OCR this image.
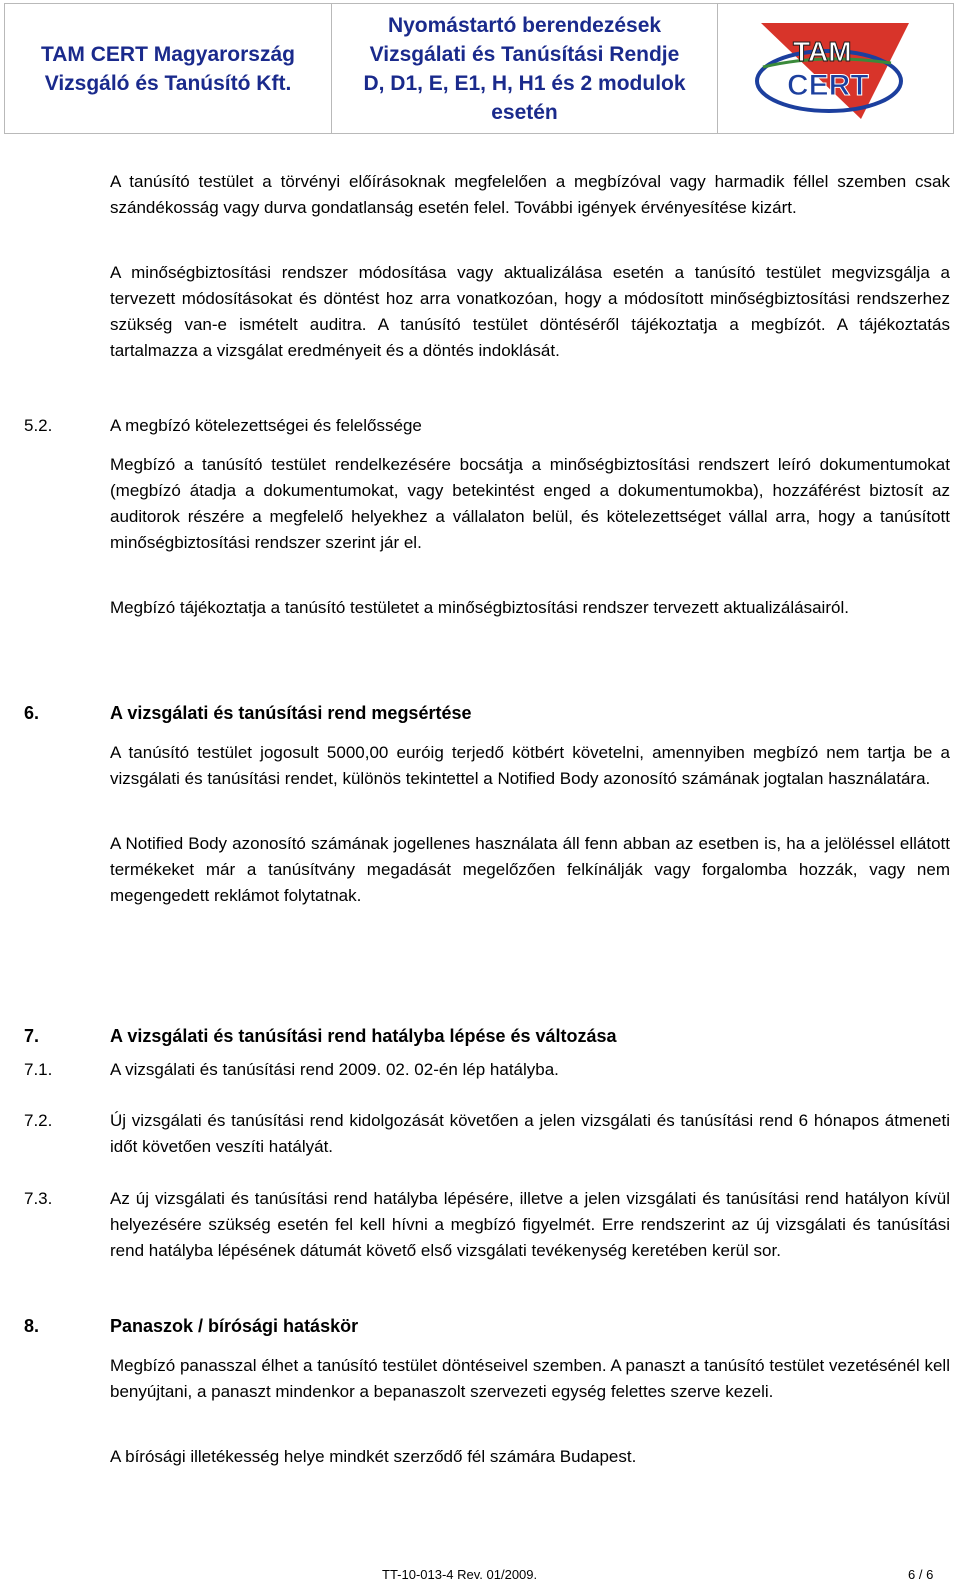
TAM CERT Magyarország
Vizsgáló és Tanúsító Kft.
Nyomástartó berendezések
Vizsgálati és Tanúsítási Rendje
D, D1, E, E1, H, H1 és 2 modulok
esetén
TAM
CERT

A tanúsító testület a törvényi előírásoknak megfelelően a megbízóval vagy harmadik féllel szemben csak szándékosság vagy durva gondatlanság esetén felel. További igények érvényesítése kizárt.

A minőségbiztosítási rendszer módosítása vagy aktualizálása esetén a tanúsító testület megvizsgálja a tervezett módosításokat és döntést hoz arra vonatkozóan, hogy a módosított minőségbiztosítási rendszerhez szükség van-e ismételt auditra. A tanúsító testület döntéséről tájékoztatja a megbízót. A tájékoztatás tartalmazza a vizsgálat eredményeit és a döntés indoklását.

5.2.	A megbízó kötelezettségei és felelőssége

Megbízó a tanúsító testület rendelkezésére bocsátja a minőségbiztosítási rendszert leíró dokumentumokat (megbízó átadja a dokumentumokat, vagy betekintést enged a dokumentumokba), hozzáférést biztosít az auditorok részére a megfelelő helyekhez a vállalaton belül, és kötelezettséget vállal arra, hogy a tanúsított minőségbiztosítási rendszer szerint jár el.

Megbízó tájékoztatja a tanúsító testületet a minőségbiztosítási rendszer tervezett aktualizálásairól.

6.	A vizsgálati és tanúsítási rend megsértése

A tanúsító testület jogosult 5000,00 euróig terjedő kötbért követelni, amennyiben megbízó nem tartja be a vizsgálati és tanúsítási rendet, különös tekintettel a Notified Body azonosító számának jogtalan használatára.

A Notified Body azonosító számának jogellenes használata áll fenn abban az esetben is, ha a jelöléssel ellátott termékeket már a tanúsítvány megadását megelőzően felkínálják vagy forgalomba hozzák, vagy nem megengedett reklámot folytatnak.

7.	A vizsgálati és tanúsítási rend hatályba lépése és változása
7.1.	A vizsgálati és tanúsítási rend 2009. 02. 02-én lép hatályba.

7.2.	Új vizsgálati és tanúsítási rend kidolgozását követően a jelen vizsgálati és tanúsítási rend 6 hónapos átmeneti időt követően veszíti hatályát.

7.3.	Az új vizsgálati és tanúsítási rend hatályba lépésére, illetve a jelen vizsgálati és tanúsítási rend hatályon kívül helyezésére szükség esetén fel kell hívni a megbízó figyelmét. Erre rendszerint az új vizsgálati és tanúsítási rend hatályba lépésének dátumát követő első vizsgálati tevékenység keretében kerül sor.

8.	Panaszok / bírósági hatáskör

Megbízó panasszal élhet a tanúsító testület döntéseivel szemben. A panaszt a tanúsító testület vezetésénél kell benyújtani, a panaszt mindenkor a bepanaszolt szervezeti egység felettes szerve kezeli.

A bírósági illetékesség helye mindkét szerződő fél számára Budapest.

TT-10-013-4 Rev. 01/2009.	6 / 6
